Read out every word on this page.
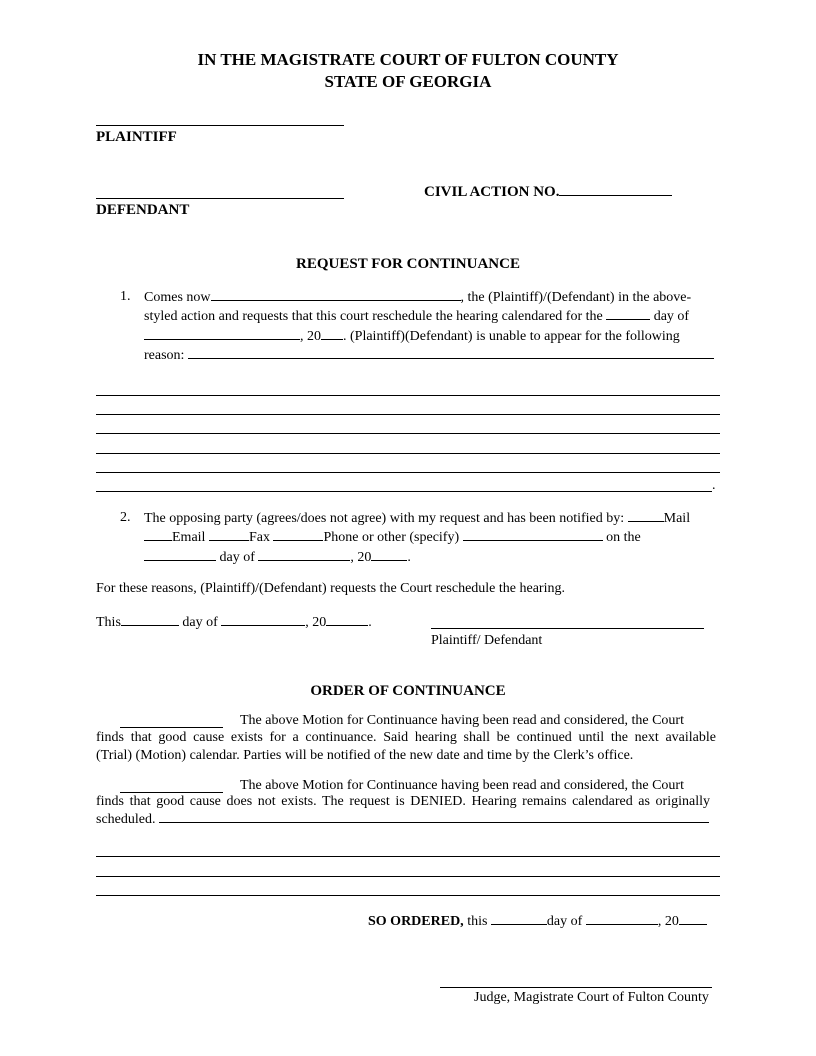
IN THE MAGISTRATE COURT OF FULTON COUNTY
STATE OF GEORGIA
PLAINTIFF
DEFENDANT
CIVIL ACTION NO.
REQUEST FOR CONTINUANCE
1. Comes now	, the (Plaintiff)/(Defendant) in the above-
styled action and requests that this court reschedule the hearing calendared for the	day of
, 20 . (Plaintiff)(Defendant) is unable to appear for the following
reason:
.
2. The opposing party (agrees/does not agree) with my request and has been notified by:	Mail
Email	Fax	Phone or other (specify)	on the
day of	, 20	.
For these reasons, (Plaintiff)/(Defendant) requests the Court reschedule the hearing.
This	day of	, 20	.
Plaintiff/ Defendant
ORDER OF CONTINUANCE
The above Motion for Continuance having been read and considered, the Court
finds that good cause exists for a continuance. Said hearing shall be continued until the next available
(Trial) (Motion) calendar. Parties will be notified of the new date and time by the Clerk’s office.
The above Motion for Continuance having been read and considered, the Court
finds that good cause does not exists. The request is DENIED. Hearing remains calendared as originally
scheduled.
SO ORDERED, this	day of	, 20
Judge, Magistrate Court of Fulton County
